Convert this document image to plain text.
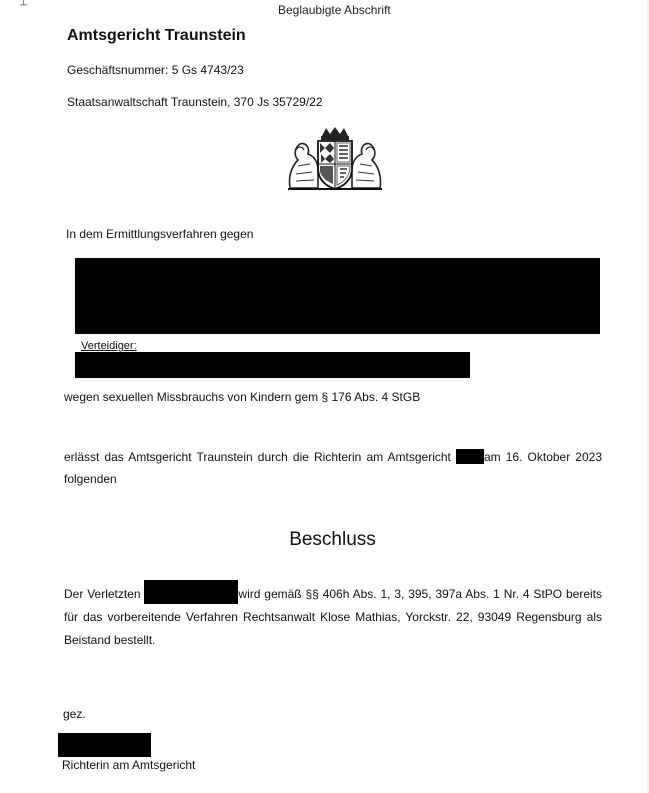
┴	Beglaubigte Abschrift
Amtsgericht Traunstein
Geschäftsnummer: 5 Gs 4743/23
Staatsanwaltschaft Traunstein, 370 Js 35729/22
In dem Ermittlungsverfahren gegen
Verteidiger:
wegen sexuellen Missbrauchs von Kindern gem § 176 Abs. 4 StGB
erlässt das Amtsgericht Traunstein durch die Richterin am Amtsgericht am 16. Oktober 2023 folgenden
Beschluss
Der Verletzten	wird gemäß §§ 406h Abs. 1, 3, 395, 397a Abs. 1 Nr. 4 StPO bereits für das vorbereitende Verfahren Rechtsanwalt Klose Mathias, Yorckstr. 22, 93049 Regensburg als Beistand bestellt.
gez.
Richterin am Amtsgericht
